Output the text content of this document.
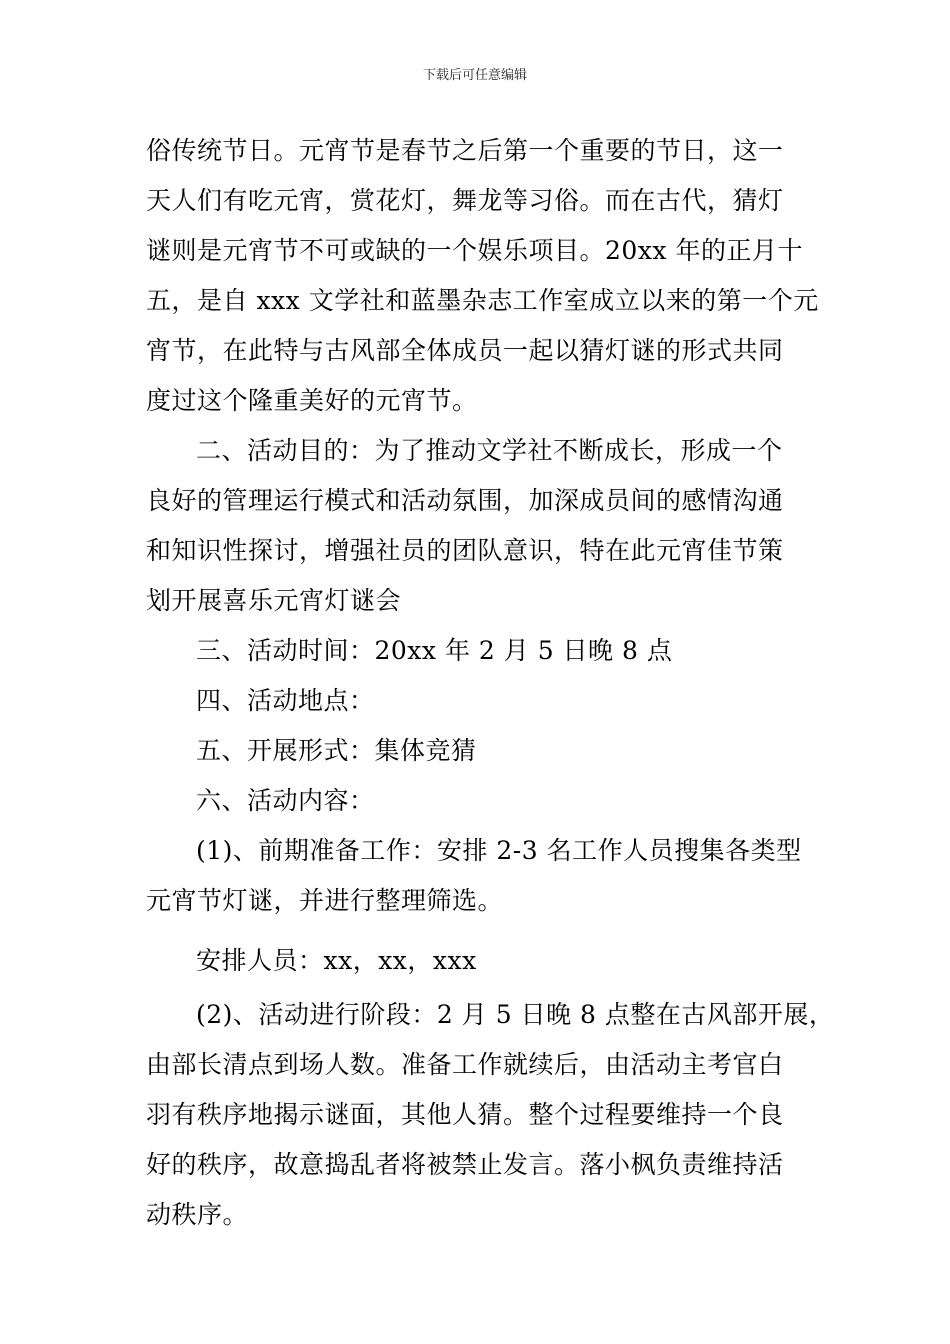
下载后可任意编辑
俗传统节日。元宵节是春节之后第一个重要的节日，这一
天人们有吃元宵，赏花灯，舞龙等习俗。而在古代，猜灯
谜则是元宵节不可或缺的一个娱乐项目。20xx 年的正月十
五，是自 xxx 文学社和蓝墨杂志工作室成立以来的第一个元
宵节，在此特与古风部全体成员一起以猜灯谜的形式共同
度过这个隆重美好的元宵节。
二、活动目的：为了推动文学社不断成长，形成一个
良好的管理运行模式和活动氛围，加深成员间的感情沟通
和知识性探讨，增强社员的团队意识，特在此元宵佳节策
划开展喜乐元宵灯谜会
三、活动时间：20xx 年 2 月 5 日晚 8 点
四、活动地点：
五、开展形式：集体竞猜
六、活动内容：
(1)、前期准备工作：安排 2-3 名工作人员搜集各类型
元宵节灯谜，并进行整理筛选。
安排人员：xx，xx，xxx
(2)、活动进行阶段：2 月 5 日晚 8 点整在古风部开展，
由部长清点到场人数。准备工作就续后，由活动主考官白
羽有秩序地揭示谜面，其他人猜。整个过程要维持一个良
好的秩序，故意捣乱者将被禁止发言。落小枫负责维持活
动秩序。
